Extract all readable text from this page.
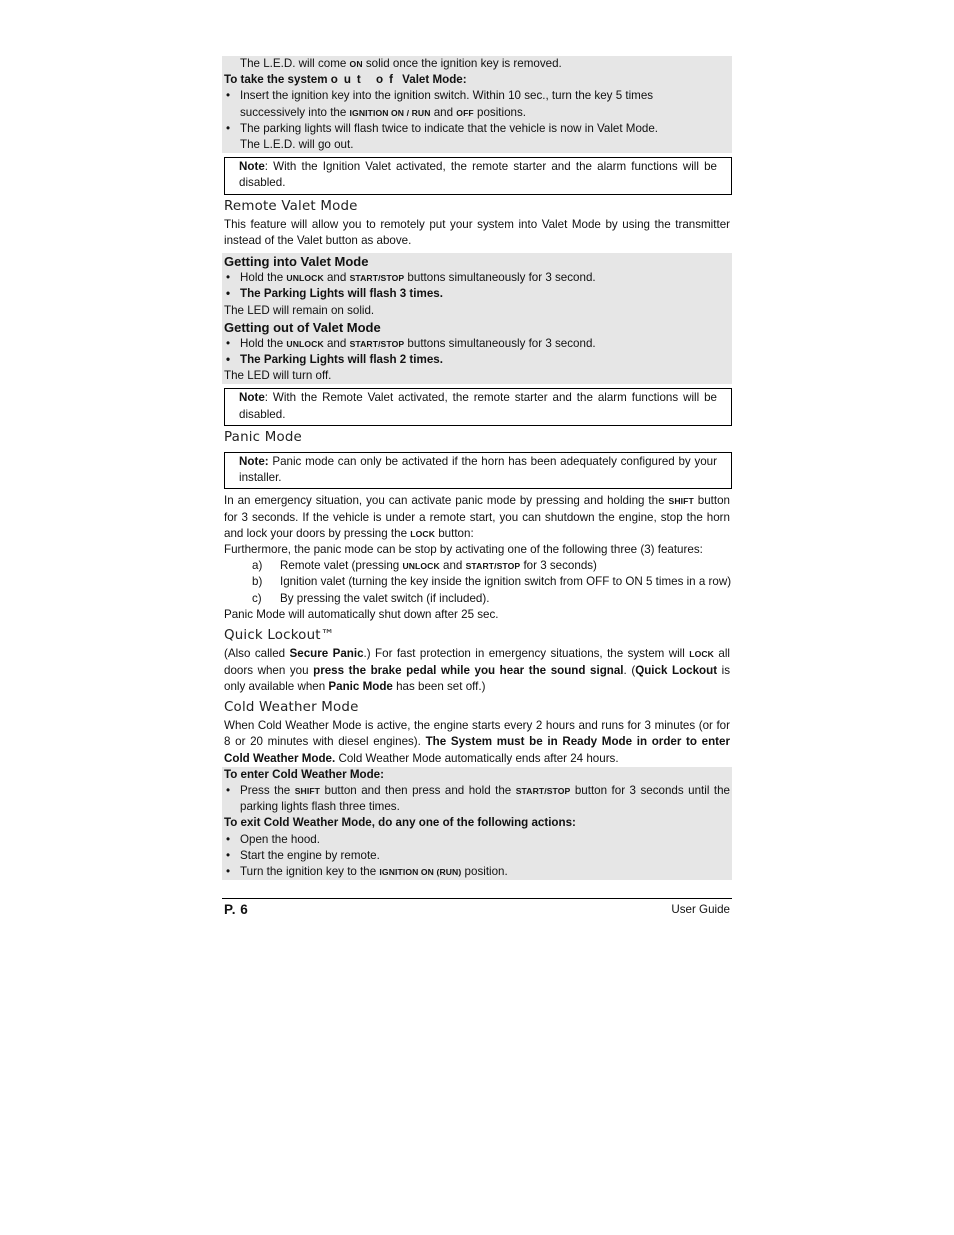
The L.E.D. will come ON solid once the ignition key is removed.
To take the system out of Valet Mode:
• Insert the ignition key into the ignition switch. Within 10 sec., turn the key 5 times
successively into the IGNITION ON / RUN and OFF positions.
• The parking lights will flash twice to indicate that the vehicle is now in Valet Mode.
The L.E.D. will go out.
Note: With the Ignition Valet activated, the remote starter and the alarm functions will be disabled.
Remote Valet Mode
This feature will allow you to remotely put your system into Valet Mode by using the transmitter instead of the Valet button as above.
Getting into Valet Mode
• Hold the UNLOCK and START/STOP buttons simultaneously for 3 second.
• The Parking Lights will flash 3 times.
The LED will remain on solid.
Getting out of Valet Mode
• Hold the UNLOCK and START/STOP buttons simultaneously for 3 second.
• The Parking Lights will flash 2 times.
The LED will turn off.
Note: With the Remote Valet activated, the remote starter and the alarm functions will be disabled.
Panic Mode
Note: Panic mode can only be activated if the horn has been adequately configured by your installer.
In an emergency situation, you can activate panic mode by pressing and holding the SHIFT button for 3 seconds. If the vehicle is under a remote start, you can shutdown the engine, stop the horn and lock your doors by pressing the LOCK button:
Furthermore, the panic mode can be stop by activating one of the following three (3) features:
a) Remote valet (pressing UNLOCK and START/STOP for 3 seconds)
b) Ignition valet (turning the key inside the ignition switch from OFF to ON 5 times in a row)
c) By pressing the valet switch (if included).
Panic Mode will automatically shut down after 25 sec.
Quick Lockout™
(Also called Secure Panic.) For fast protection in emergency situations, the system will LOCK all doors when you press the brake pedal while you hear the sound signal. (Quick Lockout is only available when Panic Mode has been set off.)
Cold Weather Mode
When Cold Weather Mode is active, the engine starts every 2 hours and runs for 3 minutes (or for 8 or 20 minutes with diesel engines). The System must be in Ready Mode in order to enter Cold Weather Mode. Cold Weather Mode automatically ends after 24 hours.
To enter Cold Weather Mode:
• Press the SHIFT button and then press and hold the START/STOP button for 3 seconds until the parking lights flash three times.
To exit Cold Weather Mode, do any one of the following actions:
• Open the hood.
• Start the engine by remote.
• Turn the ignition key to the IGNITION ON (RUN) position.
P. 6	User Guide
